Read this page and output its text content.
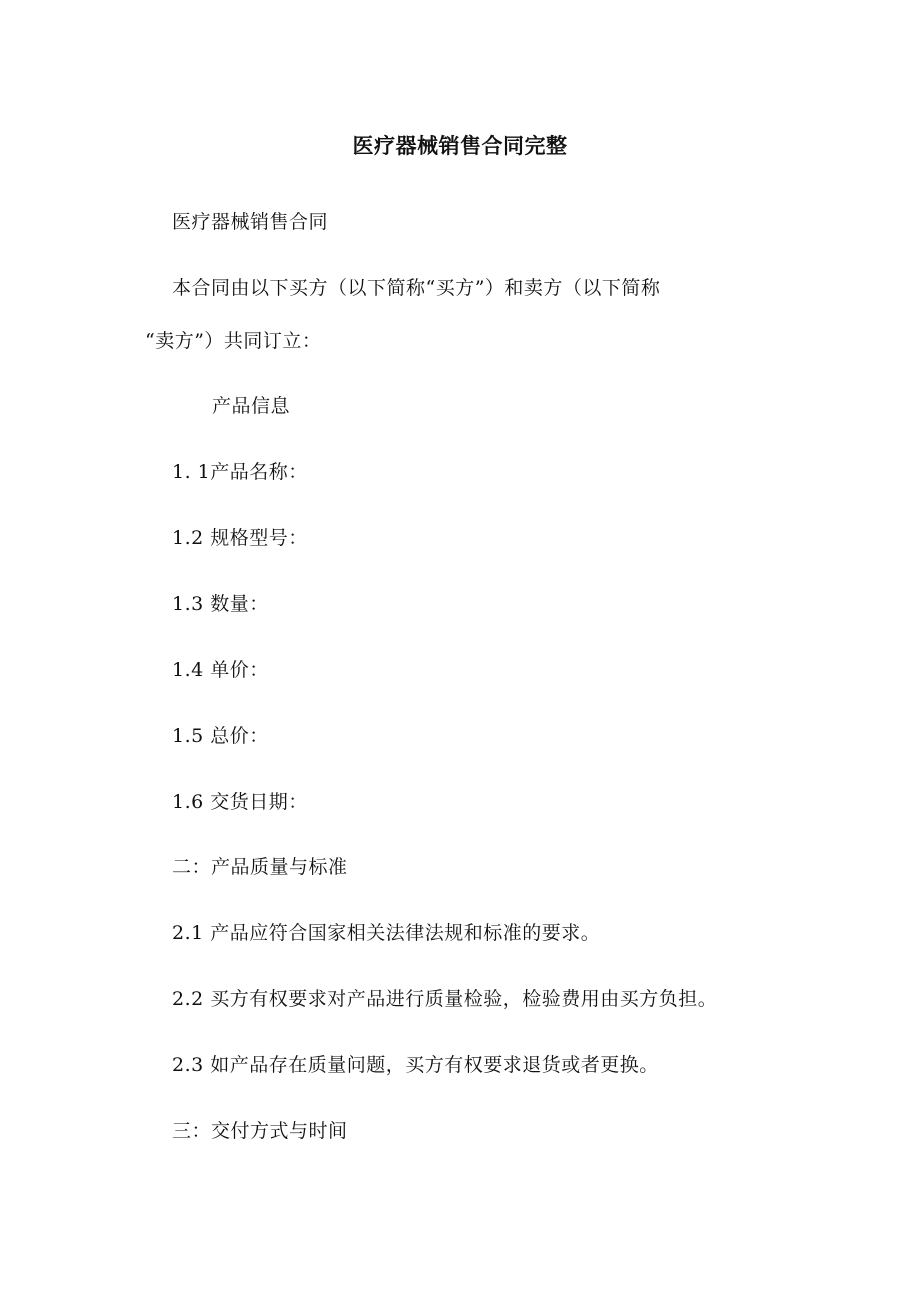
医疗器械销售合同完整
医疗器械销售合同
本合同由以下买方（以下简称“买方”）和卖方（以下简称
“卖方”）共同订立：
产品信息
1. 1产品名称：
1.2 规格型号：
1.3 数量：
1.4 单价：
1.5 总价：
1.6 交货日期：
二：产品质量与标准
2.1 产品应符合国家相关法律法规和标准的要求。
2.2 买方有权要求对产品进行质量检验，检验费用由买方负担。
2.3 如产品存在质量问题，买方有权要求退货或者更换。
三：交付方式与时间
